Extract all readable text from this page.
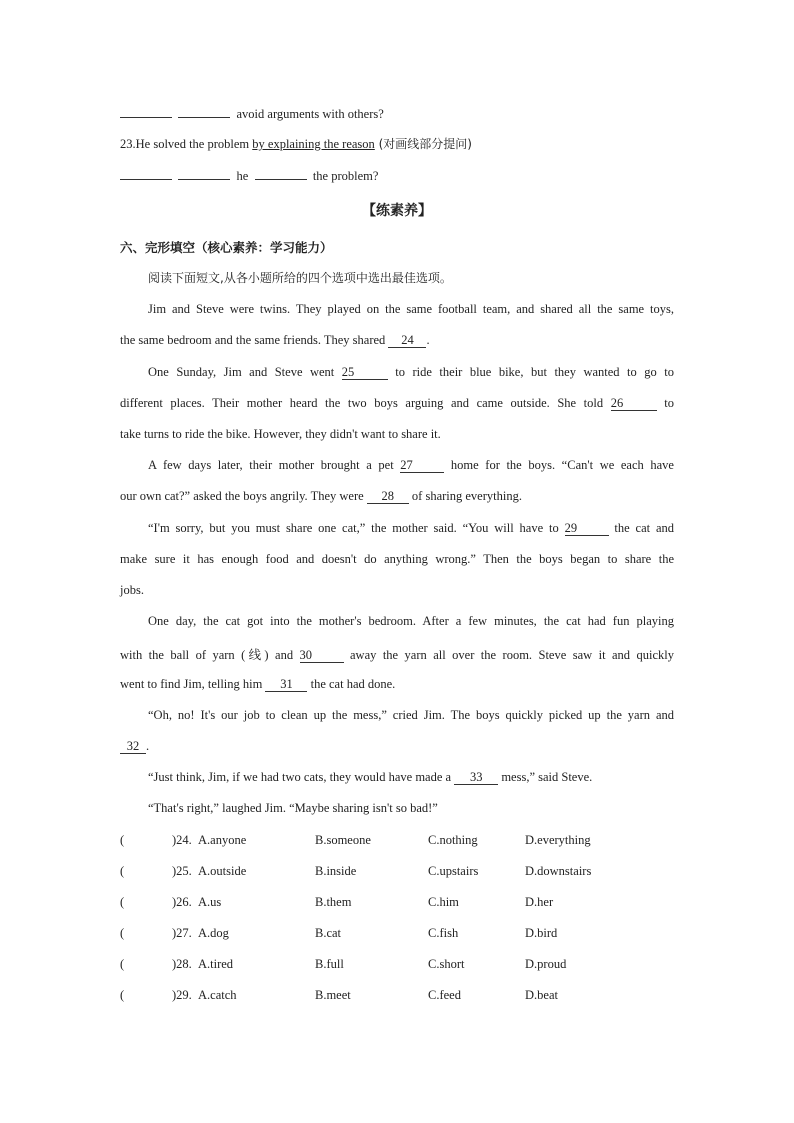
avoid arguments with others?
23.He solved the problem by explaining the reason (对画线部分提问)
he	the problem?
【练素养】
六、完形填空（核心素养：学习能力）
阅读下面短文,从各小题所给的四个选项中选出最佳选项。
Jim and Steve were twins. They played on the same football team, and shared all the same toys,
the same bedroom and the same friends. They shared 24 .
One Sunday, Jim and Steve went 25	to ride their blue bike, but they wanted to go to
different places. Their mother heard the two boys arguing and came outside. She told 26	to
take turns to ride the bike. However, they didn't want to share it.
A few days later, their mother brought a pet 27	home for the boys. “Can't we each have
our own cat?” asked the boys angrily. They were 28 of sharing everything.
“I'm sorry, but you must share one cat,” the mother said. “You will have to 29	the cat and
make sure it has enough food and doesn't do anything wrong.” Then the boys began to share the
jobs.
One day, the cat got into the mother's bedroom. After a few minutes, the cat had fun playing
with the ball of yarn (线) and 30	away the yarn all over the room. Steve saw it and quickly
went to find Jim, telling him 31 the cat had done.
“Oh, no! It's our job to clean up the mess,” cried Jim. The boys quickly picked up the yarn and
32 .
“Just think, Jim, if we had two cats, they would have made a 33 mess,” said Steve.
“That's right,” laughed Jim. “Maybe sharing isn't so bad!”
(	)24. A.anyone	B.someone	C.nothing	D.everything
(	)25. A.outside	B.inside	C.upstairs	D.downstairs
(	)26. A.us	B.them	C.him	D.her
(	)27. A.dog	B.cat	C.fish	D.bird
(	)28. A.tired	B.full	C.short	D.proud
(	)29. A.catch	B.meet	C.feed	D.beat
